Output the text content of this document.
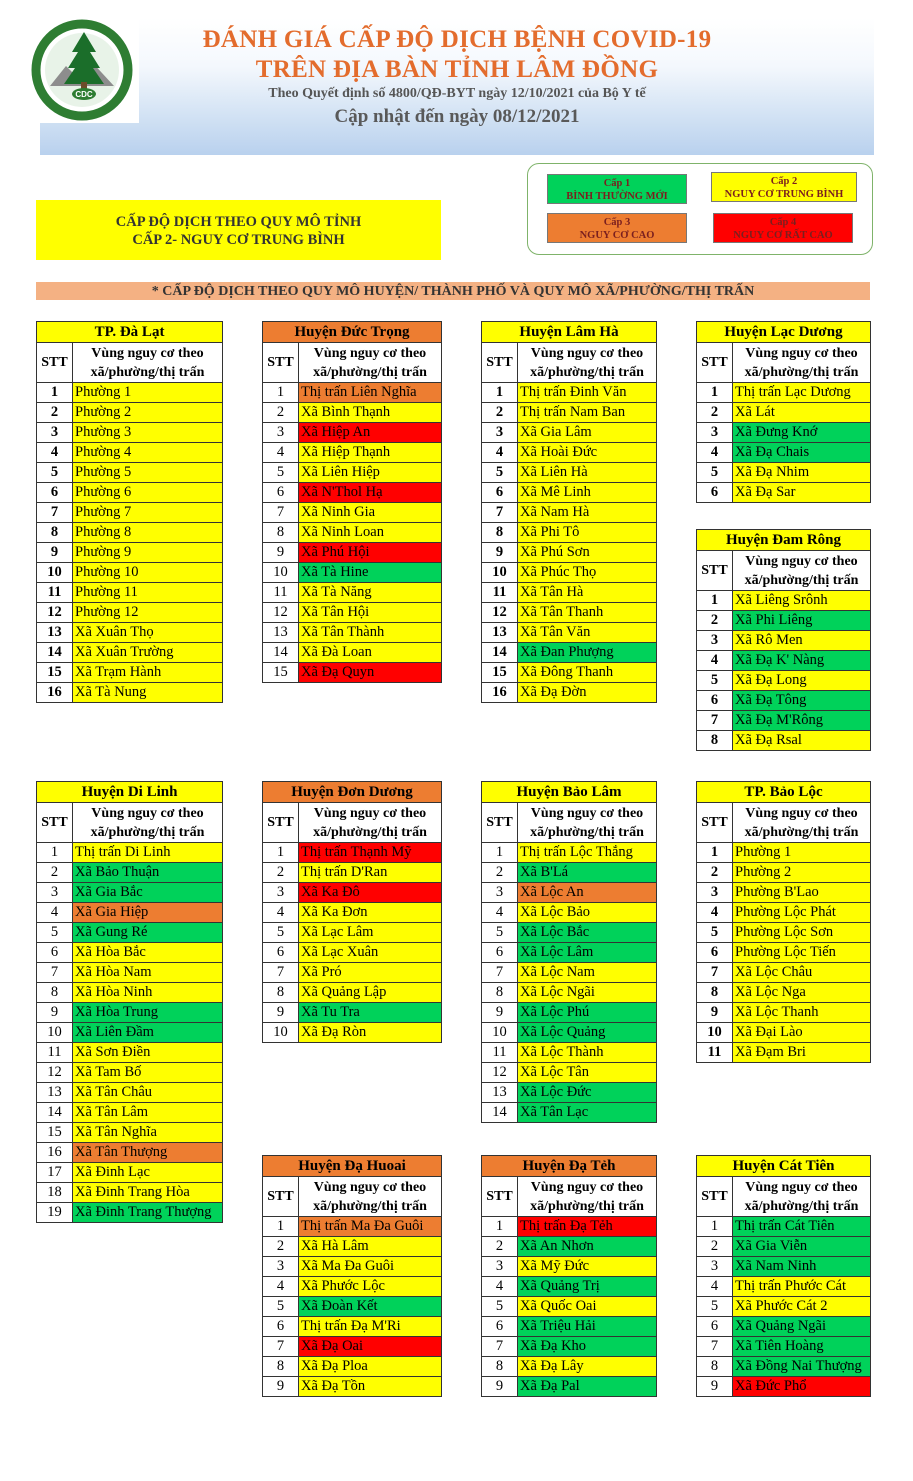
CDC
ĐÁNH GIÁ CẤP ĐỘ DỊCH BỆNH COVID-19
TRÊN ĐỊA BÀN TỈNH LÂM ĐỒNG
Theo Quyết định số 4800/QĐ-BYT ngày 12/10/2021 của Bộ Y tế
Cập nhật đến ngày 08/12/2021
Cấp 1
BÌNH THƯỜNG MỚI
Cấp 2
NGUY CƠ TRUNG BÌNH
Cấp 3
NGUY CƠ CAO
Cấp 4
NGUY CƠ RẤT CAO
CẤP ĐỘ DỊCH THEO QUY MÔ TỈNH
CẤP 2- NGUY CƠ TRUNG BÌNH
* CẤP ĐỘ DỊCH THEO QUY MÔ HUYỆN/ THÀNH PHỐ VÀ QUY MÔ XÃ/PHƯỜNG/THỊ TRẤN
TP. Đà Lạt	
STT	Vùng nguy cơ theo xã/phường/thị trấn
1	Phường 1
2	Phường 2
3	Phường 3
4	Phường 4
5	Phường 5
6	Phường 6
7	Phường 7
8	Phường 8
9	Phường 9
10	Phường 10
11	Phường 11
12	Phường 12
13	Xã Xuân Thọ
14	Xã Xuân Trường
15	Xã Trạm Hành
16	Xã Tà Nung
Huyện Đức Trọng	
STT	Vùng nguy cơ theo xã/phường/thị trấn
1	Thị trấn Liên Nghĩa
2	Xã Bình Thạnh
3	Xã Hiệp An
4	Xã Hiệp Thạnh
5	Xã Liên Hiệp
6	Xã N'Thol Hạ
7	Xã Ninh Gia
8	Xã Ninh Loan
9	Xã Phú Hội
10	Xã Tà Hine
11	Xã Tà Năng
12	Xã Tân Hội
13	Xã Tân Thành
14	Xã Đà Loan
15	Xã Đạ Quyn
Huyện Lâm Hà	
STT	Vùng nguy cơ theo xã/phường/thị trấn
1	Thị trấn Đinh Văn
2	Thị trấn Nam Ban
3	Xã Gia Lâm
4	Xã Hoài Đức
5	Xã Liên Hà
6	Xã Mê Linh
7	Xã Nam Hà
8	Xã Phi Tô
9	Xã Phú Sơn
10	Xã Phúc Thọ
11	Xã Tân Hà
12	Xã Tân Thanh
13	Xã Tân Văn
14	Xã Đan Phượng
15	Xã Đông Thanh
16	Xã Đạ Đờn
Huyện Lạc Dương	
STT	Vùng nguy cơ theo xã/phường/thị trấn
1	Thị trấn Lạc Dương
2	Xã Lát
3	Xã Đưng Knớ
4	Xã Đạ Chais
5	Xã Đạ Nhim
6	Xã Đạ Sar
Huyện Đam Rông	
STT	Vùng nguy cơ theo xã/phường/thị trấn
1	Xã Liêng Srônh
2	Xã Phi Liêng
3	Xã Rô Men
4	Xã Đạ K' Nàng
5	Xã Đạ Long
6	Xã Đạ Tông
7	Xã Đạ M'Rông
8	Xã Đạ Rsal
Huyện Di Linh	
STT	Vùng nguy cơ theo xã/phường/thị trấn
1	Thị trấn Di Linh
2	Xã Bảo Thuận
3	Xã Gia Bắc
4	Xã Gia Hiệp
5	Xã Gung Ré
6	Xã Hòa Bắc
7	Xã Hòa Nam
8	Xã Hòa Ninh
9	Xã Hòa Trung
10	Xã Liên Đầm
11	Xã Sơn Điền
12	Xã Tam Bố
13	Xã Tân Châu
14	Xã Tân Lâm
15	Xã Tân Nghĩa
16	Xã Tân Thượng
17	Xã Đinh Lạc
18	Xã Đinh Trang Hòa
19	Xã Đinh Trang Thượng
Huyện Đơn Dương	
STT	Vùng nguy cơ theo xã/phường/thị trấn
1	Thị trấn Thạnh Mỹ
2	Thị trấn D'Ran
3	Xã Ka Đô
4	Xã Ka Đơn
5	Xã Lạc Lâm
6	Xã Lạc Xuân
7	Xã Pró
8	Xã Quảng Lập
9	Xã Tu Tra
10	Xã Đạ Ròn
Huyện Bảo Lâm	
STT	Vùng nguy cơ theo xã/phường/thị trấn
1	Thị trấn Lộc Thắng
2	Xã B'Lá
3	Xã Lộc An
4	Xã Lộc Bảo
5	Xã Lộc Bắc
6	Xã Lộc Lâm
7	Xã Lộc Nam
8	Xã Lộc Ngãi
9	Xã Lộc Phú
10	Xã Lộc Quảng
11	Xã Lộc Thành
12	Xã Lộc Tân
13	Xã Lộc Đức
14	Xã Tân Lạc
TP. Bảo Lộc	
STT	Vùng nguy cơ theo xã/phường/thị trấn
1	Phường 1
2	Phường 2
3	Phường B'Lao
4	Phường Lộc Phát
5	Phường Lộc Sơn
6	Phường Lộc Tiến
7	Xã Lộc Châu
8	Xã Lộc Nga
9	Xã Lộc Thanh
10	Xã Đại Lào
11	Xã Đạm Bri
Huyện Đạ Huoai	
STT	Vùng nguy cơ theo xã/phường/thị trấn
1	Thị trấn Ma Đa Guôi
2	Xã Hà Lâm
3	Xã Ma Đa Guôi
4	Xã Phước Lộc
5	Xã Đoàn Kết
6	Thị trấn Đạ M'Ri
7	Xã Đạ Oai
8	Xã Đạ Ploa
9	Xã Đạ Tồn
Huyện Đạ Tẻh	
STT	Vùng nguy cơ theo xã/phường/thị trấn
1	Thị trấn Đạ Tẻh
2	Xã An Nhơn
3	Xã Mỹ Đức
4	Xã Quảng Trị
5	Xã Quốc Oai
6	Xã Triệu Hải
7	Xã Đạ Kho
8	Xã Đạ Lây
9	Xã Đạ Pal
Huyện Cát Tiên	
STT	Vùng nguy cơ theo xã/phường/thị trấn
1	Thị trấn Cát Tiên
2	Xã Gia Viễn
3	Xã Nam Ninh
4	Thị trấn Phước Cát
5	Xã Phước Cát 2
6	Xã Quảng Ngãi
7	Xã Tiên Hoàng
8	Xã Đồng Nai Thượng
9	Xã Đức Phổ
